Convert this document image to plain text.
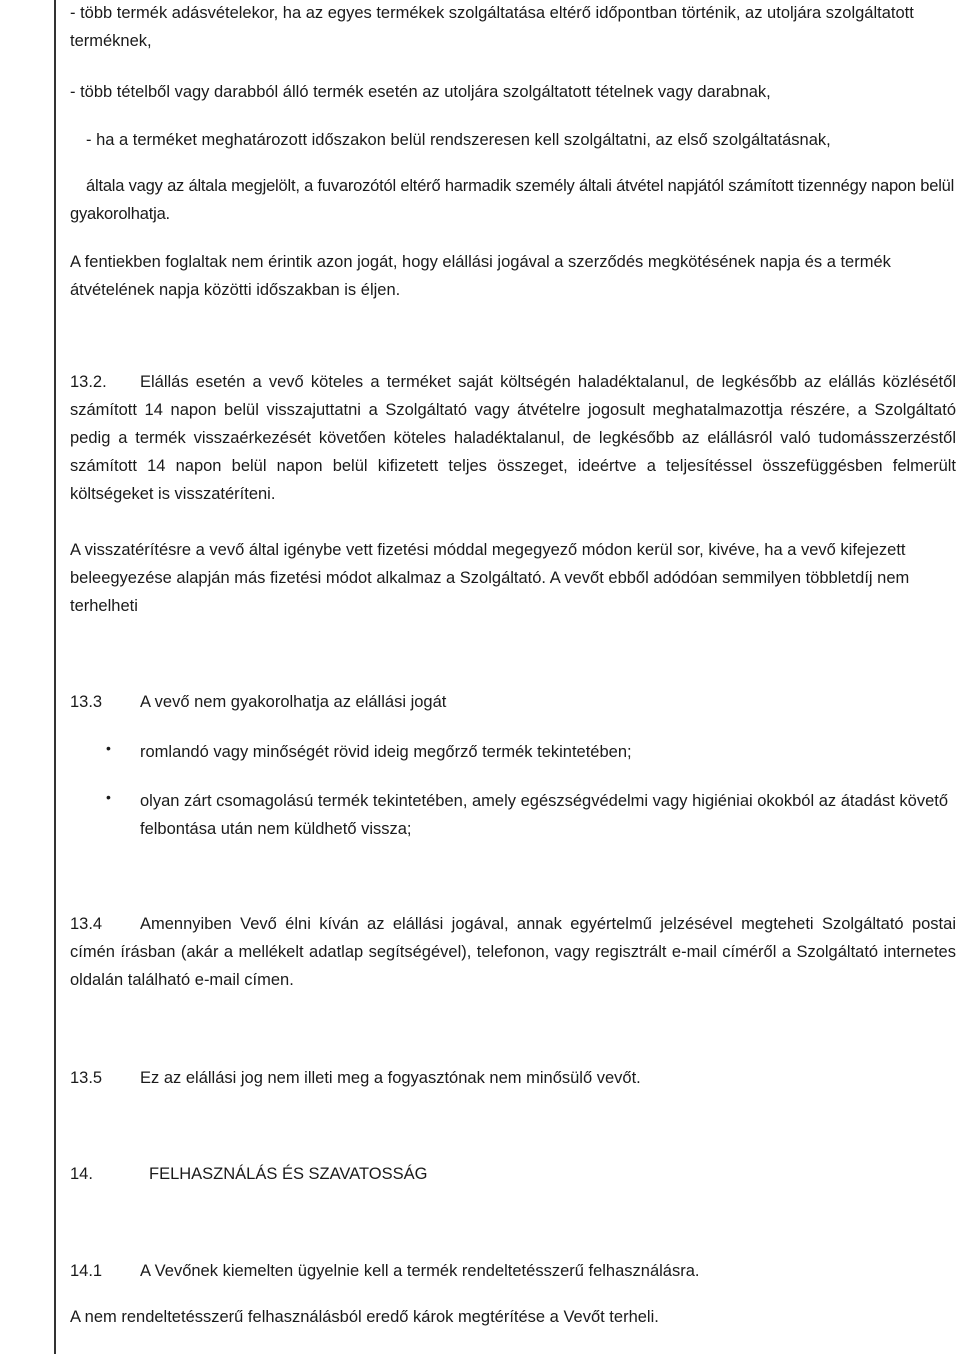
- több termék adásvételekor, ha az egyes termékek szolgáltatása eltérő időpontban történik, az utoljára szolgáltatott terméknek,

- több tételből vagy darabból álló termék esetén az utoljára szolgáltatott tételnek vagy darabnak,

- ha a terméket meghatározott időszakon belül rendszeresen kell szolgáltatni, az első szolgáltatásnak,

általa vagy az általa megjelölt, a fuvarozótól eltérő harmadik személy általi átvétel napjától számított tizennégy napon belül gyakorolhatja.

A fentiekben foglaltak nem érintik azon jogát, hogy elállási jogával a szerződés megkötésének napja és a termék átvételének napja közötti időszakban is éljen.

13.2. Elállás esetén a vevő köteles a terméket saját költségén haladéktalanul, de legkésőbb az elállás közlésétől számított 14 napon belül visszajuttatni a Szolgáltató vagy átvételre jogosult meghatalmazottja részére, a Szolgáltató pedig a termék visszaérkezését követően köteles haladéktalanul, de legkésőbb az elállásról való tudomásszerzéstől számított 14 napon belül napon belül kifizetett teljes összeget, ideértve a teljesítéssel összefüggésben felmerült költségeket is visszatéríteni.

A visszatérítésre a vevő által igénybe vett fizetési móddal megegyező módon kerül sor, kivéve, ha a vevő kifejezett beleegyezése alapján más fizetési módot alkalmaz a Szolgáltató. A vevőt ebből adódóan semmilyen többletdíj nem terhelheti

13.3 A vevő nem gyakorolhatja az elállási jogát

• romlandó vagy minőségét rövid ideig megőrző termék tekintetében;
• olyan zárt csomagolású termék tekintetében, amely egészségvédelmi vagy higiéniai okokból az átadást követő felbontása után nem küldhető vissza;

13.4 Amennyiben Vevő élni kíván az elállási jogával, annak egyértelmű jelzésével megteheti Szolgáltató postai címén írásban (akár a mellékelt adatlap segítségével), telefonon, vagy regisztrált e-mail címéről a Szolgáltató internetes oldalán található e-mail címen.

13.5 Ez az elállási jog nem illeti meg a fogyasztónak nem minősülő vevőt.

14.	FELHASZNÁLÁS ÉS SZAVATOSSÁG

14.1 A Vevőnek kiemelten ügyelnie kell a termék rendeltetésszerű felhasználásra.

A nem rendeltetésszerű felhasználásból eredő károk megtérítése a Vevőt terheli.
